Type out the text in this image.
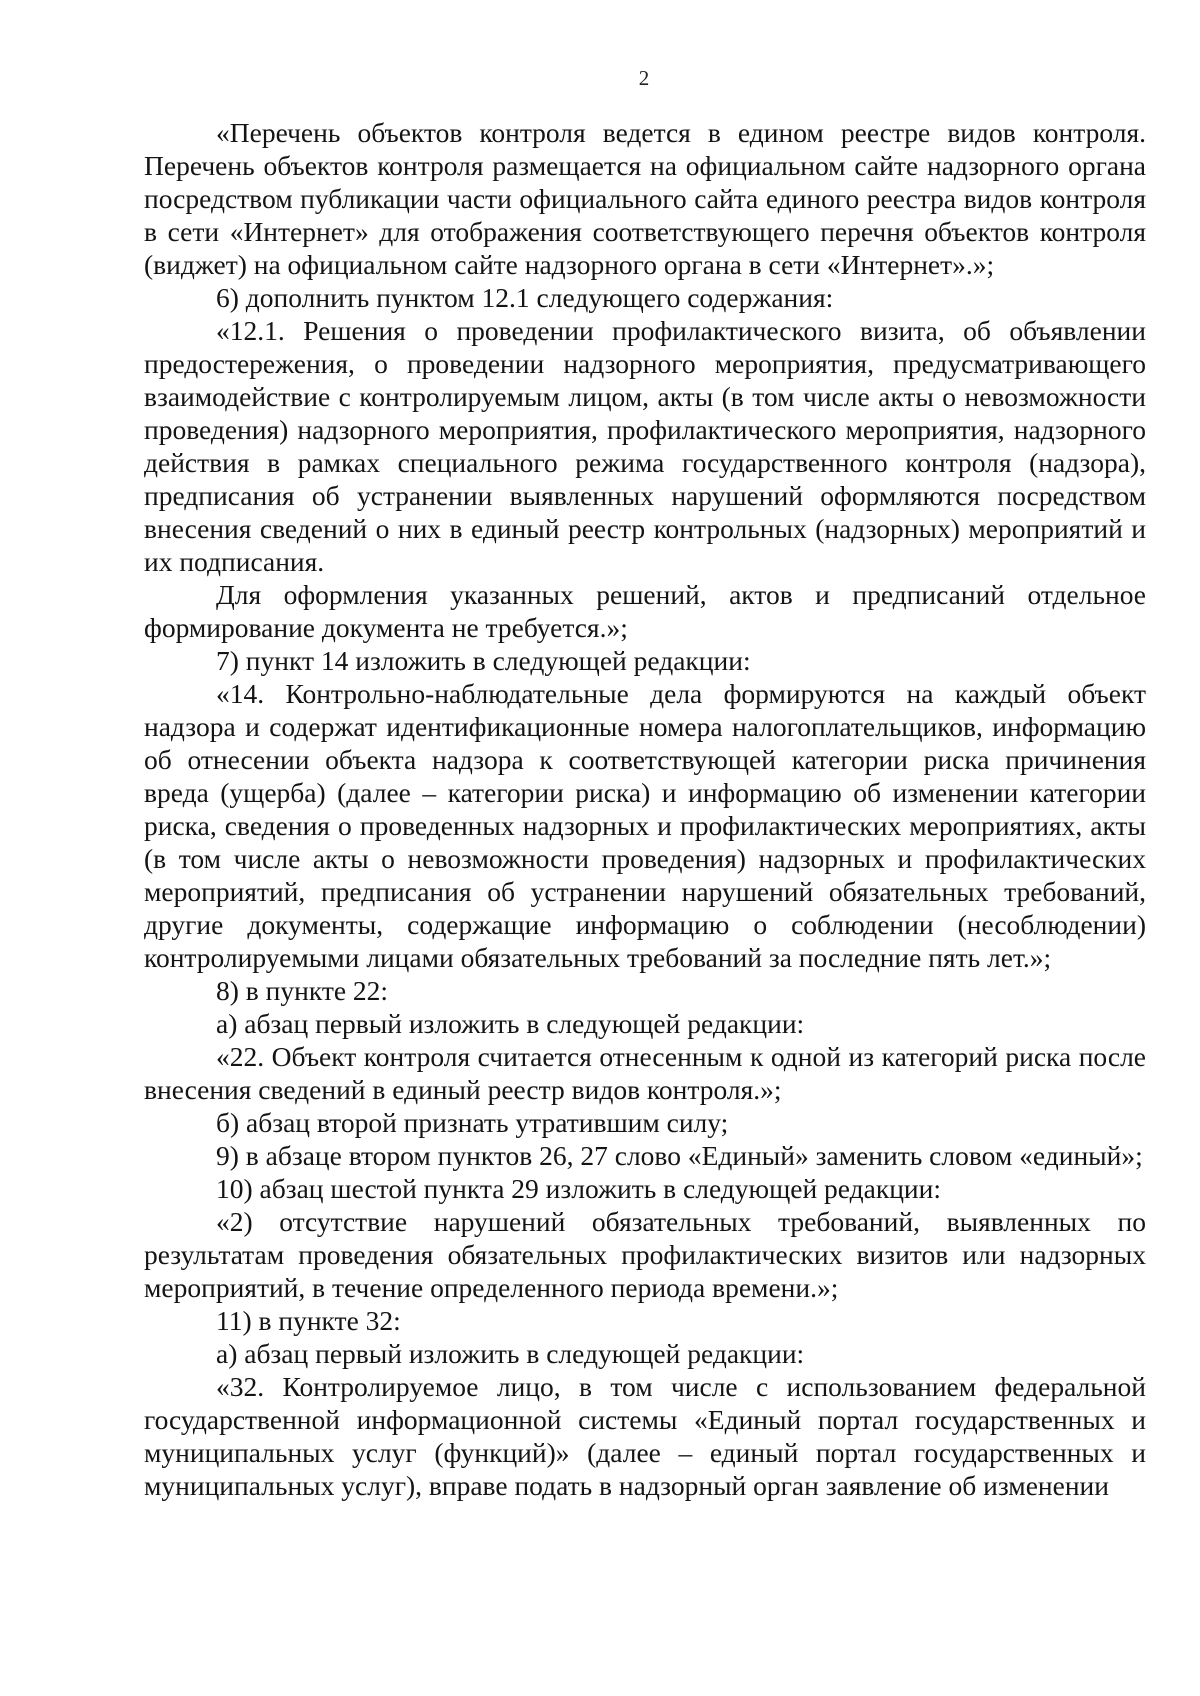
2

«Перечень объектов контроля ведется в едином реестре видов контроля. Перечень объектов контроля размещается на официальном сайте надзорного органа посредством публикации части официального сайта единого реестра видов контроля в сети «Интернет» для отображения соответствующего перечня объектов контроля (виджет) на официальном сайте надзорного органа в сети «Интернет».»;

6) дополнить пунктом 12.1 следующего содержания:

«12.1. Решения о проведении профилактического визита, об объявлении предостережения, о проведении надзорного мероприятия, предусматривающего взаимодействие с контролируемым лицом, акты (в том числе акты о невозможности проведения) надзорного мероприятия, профилактического мероприятия, надзорного действия в рамках специального режима государственного контроля (надзора), предписания об устранении выявленных нарушений оформляются посредством внесения сведений о них в единый реестр контрольных (надзорных) мероприятий и их подписания.

Для оформления указанных решений, актов и предписаний отдельное формирование документа не требуется.»;

7) пункт 14 изложить в следующей редакции:

«14. Контрольно-наблюдательные дела формируются на каждый объект надзора и содержат идентификационные номера налогоплательщиков, информацию об отнесении объекта надзора к соответствующей категории риска причинения вреда (ущерба) (далее – категории риска) и информацию об изменении категории риска, сведения о проведенных надзорных и профилактических мероприятиях, акты (в том числе акты о невозможности проведения) надзорных и профилактических мероприятий, предписания об устранении нарушений обязательных требований, другие документы, содержащие информацию о соблюдении (несоблюдении) контролируемыми лицами обязательных требований за последние пять лет.»;

8) в пункте 22:

а) абзац первый изложить в следующей редакции:

«22. Объект контроля считается отнесенным к одной из категорий риска после внесения сведений в единый реестр видов контроля.»;

б) абзац второй признать утратившим силу;

9) в абзаце втором пунктов 26, 27 слово «Единый» заменить словом «единый»;

10) абзац шестой пункта 29 изложить в следующей редакции:

«2) отсутствие нарушений обязательных требований, выявленных по результатам проведения обязательных профилактических визитов или надзорных мероприятий, в течение определенного периода времени.»;

11) в пункте 32:

а) абзац первый изложить в следующей редакции:

«32. Контролируемое лицо, в том числе с использованием федеральной государственной информационной системы «Единый портал государственных и муниципальных услуг (функций)» (далее – единый портал государственных и муниципальных услуг), вправе подать в надзорный орган заявление об изменении
